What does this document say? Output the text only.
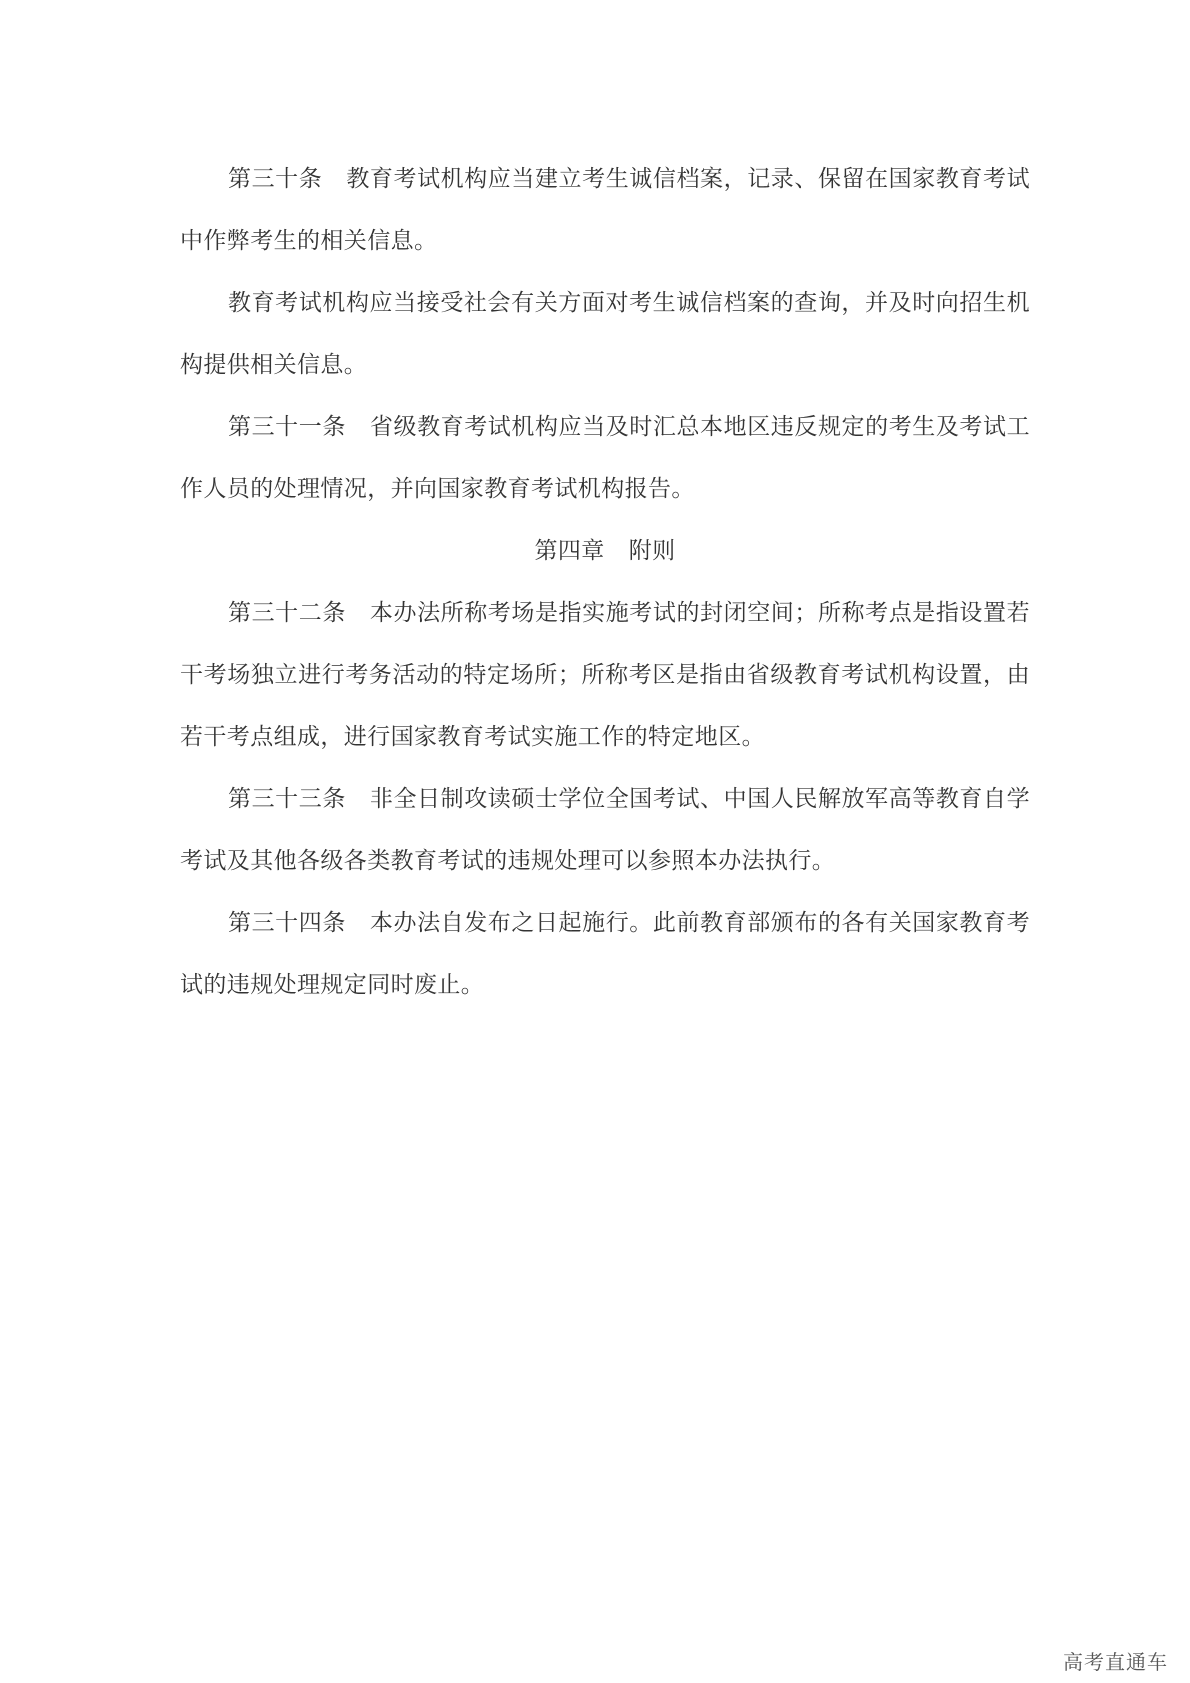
第三十条 教育考试机构应当建立考生诚信档案，记录、保留在国家教育考试中作弊考生的相关信息。

教育考试机构应当接受社会有关方面对考生诚信档案的查询，并及时向招生机构提供相关信息。

第三十一条 省级教育考试机构应当及时汇总本地区违反规定的考生及考试工作人员的处理情况，并向国家教育考试机构报告。

第四章 附则

第三十二条 本办法所称考场是指实施考试的封闭空间；所称考点是指设置若干考场独立进行考务活动的特定场所；所称考区是指由省级教育考试机构设置，由若干考点组成，进行国家教育考试实施工作的特定地区。

第三十三条 非全日制攻读硕士学位全国考试、中国人民解放军高等教育自学考试及其他各级各类教育考试的违规处理可以参照本办法执行。

第三十四条 本办法自发布之日起施行。此前教育部颁布的各有关国家教育考试的违规处理规定同时废止。

高考直通车
